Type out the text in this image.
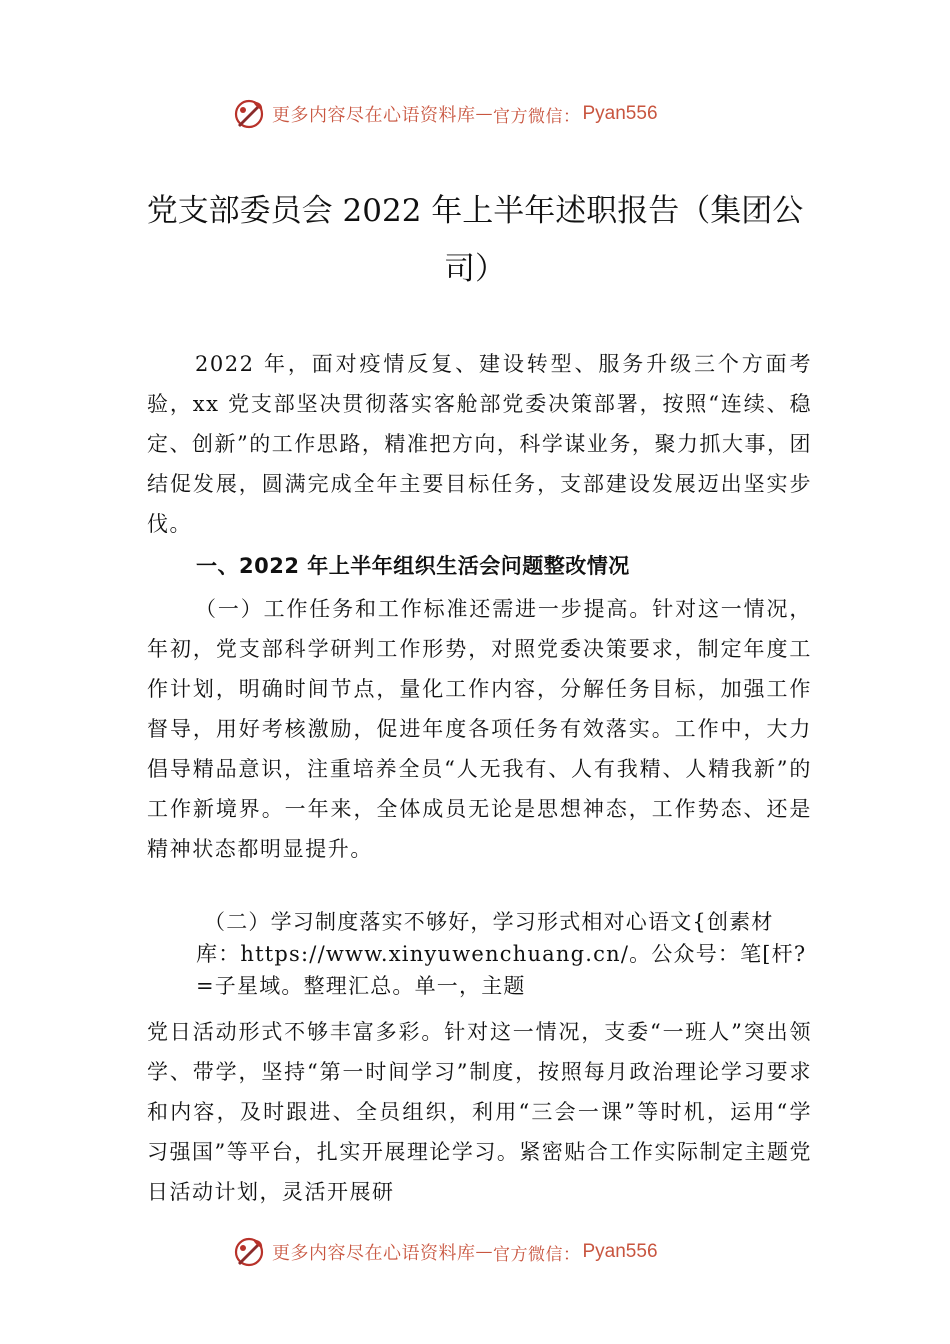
更多内容尽在心语资料库 — 官方微信： Pyan556
党支部委员会 2022 年上半年述职报告（集团公司）

2022 年，面对疫情反复、建设转型、服务升级三个方面考验，xx 党支部坚决贯彻落实客舱部党委决策部署，按照“连续、稳定、创新”的工作思路，精准把方向，科学谋业务，聚力抓大事，团结促发展，圆满完成全年主要目标任务，支部建设发展迈出坚实步伐。

一、2022 年上半年组织生活会问题整改情况

（一）工作任务和工作标准还需进一步提高。针对这一情况，年初，党支部科学研判工作形势，对照党委决策要求，制定年度工作计划，明确时间节点，量化工作内容，分解任务目标，加强工作督导，用好考核激励，促进年度各项任务有效落实。工作中，大力倡导精品意识，注重培养全员“人无我有、人有我精、人精我新”的工作新境界。一年来，全体成员无论是思想神态，工作势态、还是精神状态都明显提升。

（二）学习制度落实不够好，学习形式相对心语文{创素材库：https://www.xinyuwenchuang.cn/。公众号：笔[杆?=子星域。整理汇总。单一，主题

党日活动形式不够丰富多彩。针对这一情况，支委“一班人”突出领学、带学，坚持“第一时间学习”制度，按照每月政治理论学习要求和内容，及时跟进、全员组织，利用“三会一课”等时机，运用“学习强国”等平台，扎实开展理论学习。紧密贴合工作实际制定主题党日活动计划，灵活开展研

更多内容尽在心语资料库 — 官方微信： Pyan556
